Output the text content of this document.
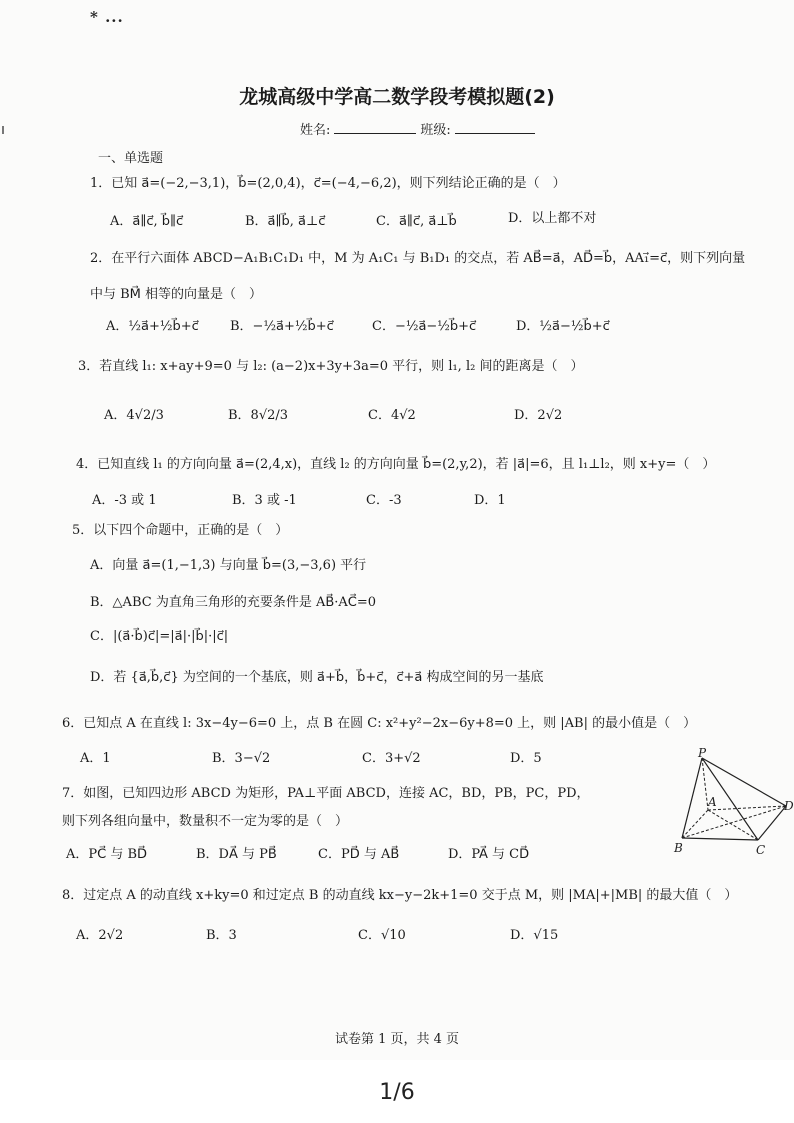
* ...
龙城高级中学高二数学段考模拟题(2)
姓名:	班级:
一、单选题
1．已知 a⃗=(−2,−3,1)，b⃗=(2,0,4)，c⃗=(−4,−6,2)，则下列结论正确的是（　）
A．a⃗∥c⃗, b⃗∥c⃗	B．a⃗∥b⃗, a⃗⊥c⃗	C．a⃗∥c⃗, a⃗⊥b⃗	D．以上都不对
2．在平行六面体 ABCD−A₁B₁C₁D₁ 中，M 为 A₁C₁ 与 B₁D₁ 的交点，若 AB⃗=a⃗，AD⃗=b⃗，AA₁⃗=c⃗，则下列向量
中与 BM⃗ 相等的向量是（　）
A．½a⃗+½b⃗+c⃗ B．−½a⃗+½b⃗+c⃗	C．−½a⃗−½b⃗+c⃗	D．½a⃗−½b⃗+c⃗
3．若直线 l₁: x+ay+9=0 与 l₂: (a−2)x+3y+3a=0 平行，则 l₁, l₂ 间的距离是（　）
A．4√2/3	B．8√2/3	C．4√2	D．2√2
4．已知直线 l₁ 的方向向量 a⃗=(2,4,x)，直线 l₂ 的方向向量 b⃗=(2,y,2)，若 |a⃗|=6，且 l₁⊥l₂，则 x+y=（　）
A．-3 或 1	B．3 或 -1	C．-3	D．1
5．以下四个命题中，正确的是（　）
A．向量 a⃗=(1,−1,3) 与向量 b⃗=(3,−3,6) 平行
B．△ABC 为直角三角形的充要条件是 AB⃗·AC⃗=0
C．|(a⃗·b⃗)c⃗|=|a⃗|·|b⃗|·|c⃗|
D．若 {a⃗,b⃗,c⃗} 为空间的一个基底，则 a⃗+b⃗，b⃗+c⃗，c⃗+a⃗ 构成空间的另一基底
6．已知点 A 在直线 l: 3x−4y−6=0 上，点 B 在圆 C: x²+y²−2x−6y+8=0 上，则 |AB| 的最小值是（　）
A．1	B．3−√2	C．3+√2	D．5
7．如图，已知四边形 ABCD 为矩形，PA⊥平面 ABCD，连接 AC，BD，PB，PC，PD，
则下列各组向量中，数量积不一定为零的是（　）
A．PC⃗ 与 BD⃗	B．DA⃗ 与 PB⃗	C．PD⃗ 与 AB⃗	D．PA⃗ 与 CD⃗
P
A
B	C
D
8．过定点 A 的动直线 x+ky=0 和过定点 B 的动直线 kx−y−2k+1=0 交于点 M，则 |MA|+|MB| 的最大值（　）
A．2√2	B．3	C．√10	D．√15
试卷第 1 页，共 4 页
1/6
